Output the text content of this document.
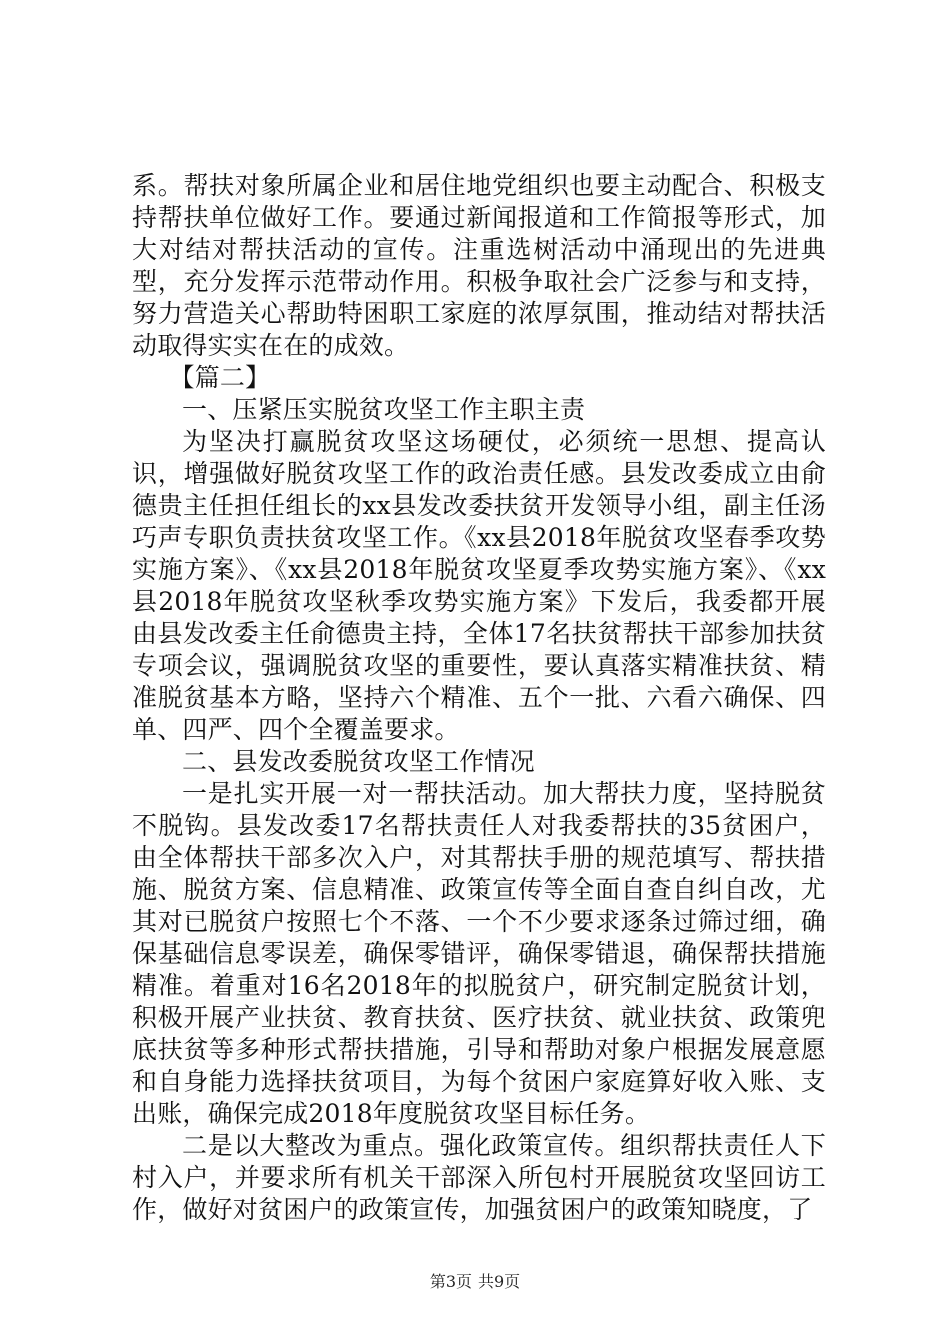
系。帮扶对象所属企业和居住地党组织也要主动配合、积极支持帮扶单位做好工作。要通过新闻报道和工作简报等形式，加大对结对帮扶活动的宣传。注重选树活动中涌现出的先进典型，充分发挥示范带动作用。积极争取社会广泛参与和支持，努力营造关心帮助特困职工家庭的浓厚氛围，推动结对帮扶活动取得实实在在的成效。

【篇二】

一、压紧压实脱贫攻坚工作主职主责

为坚决打赢脱贫攻坚这场硬仗，必须统一思想、提高认识，增强做好脱贫攻坚工作的政治责任感。县发改委成立由俞德贵主任担任组长的xx县发改委扶贫开发领导小组，副主任汤巧声专职负责扶贫攻坚工作。《xx县2018年脱贫攻坚春季攻势实施方案》、《xx县2018年脱贫攻坚夏季攻势实施方案》、《xx县2018年脱贫攻坚秋季攻势实施方案》下发后，我委都开展由县发改委主任俞德贵主持，全体17名扶贫帮扶干部参加扶贫专项会议，强调脱贫攻坚的重要性，要认真落实精准扶贫、精准脱贫基本方略，坚持六个精准、五个一批、六看六确保、四单、四严、四个全覆盖要求。

二、县发改委脱贫攻坚工作情况

一是扎实开展一对一帮扶活动。加大帮扶力度，坚持脱贫不脱钩。县发改委17名帮扶责任人对我委帮扶的35贫困户，由全体帮扶干部多次入户，对其帮扶手册的规范填写、帮扶措施、脱贫方案、信息精准、政策宣传等全面自查自纠自改，尤其对已脱贫户按照七个不落、一个不少要求逐条过筛过细，确保基础信息零误差，确保零错评，确保零错退，确保帮扶措施精准。着重对16名2018年的拟脱贫户，研究制定脱贫计划，积极开展产业扶贫、教育扶贫、医疗扶贫、就业扶贫、政策兜底扶贫等多种形式帮扶措施，引导和帮助对象户根据发展意愿和自身能力选择扶贫项目，为每个贫困户家庭算好收入账、支出账，确保完成2018年度脱贫攻坚目标任务。

二是以大整改为重点。强化政策宣传。组织帮扶责任人下村入户，并要求所有机关干部深入所包村开展脱贫攻坚回访工作，做好对贫困户的政策宣传，加强贫困户的政策知晓度，了

第3页 共9页
